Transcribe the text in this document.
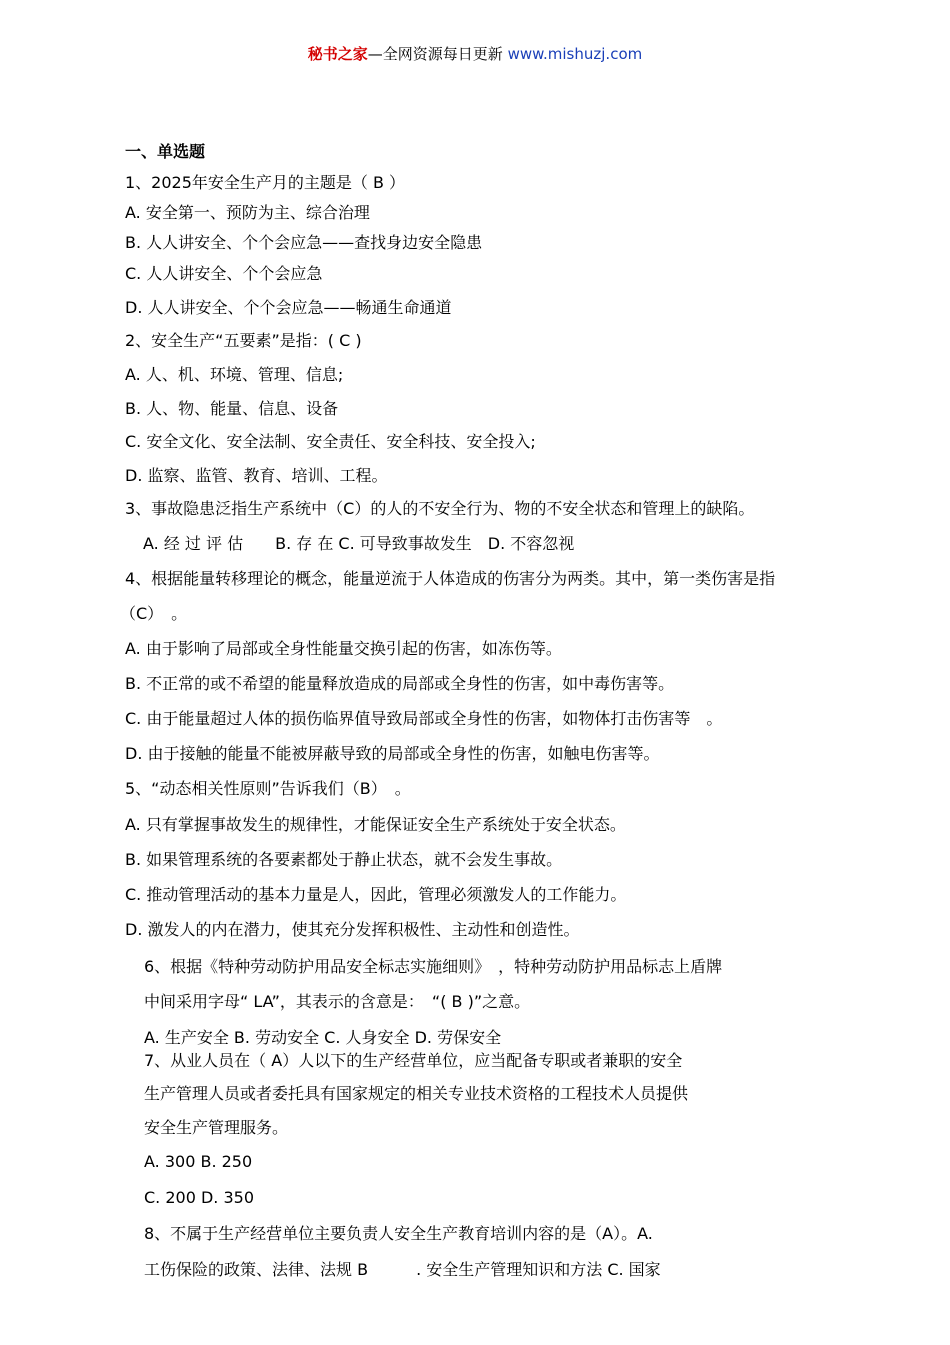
秘书之家—全网资源每日更新 www.mishuzj.com
一、单选题
1、2025年安全生产月的主题是（ B ）
A. 安全第一、预防为主、综合治理
B. 人人讲安全、个个会应急——查找身边安全隐患
C. 人人讲安全、个个会应急
D. 人人讲安全、个个会应急——畅通生命通道
2、安全生产“五要素”是指：( C )
A. 人、机、环境、管理、信息;
B. 人、物、能量、信息、设备
C. 安全文化、安全法制、安全责任、安全科技、安全投入;
D. 监察、监管、教育、培训、工程。
3、事故隐患泛指生产系统中（C）的人的不安全行为、物的不安全状态和管理上的缺陷。
A. 经 过 评 估　　B. 存 在 C. 可导致事故发生　D. 不容忽视
4、根据能量转移理论的概念，能量逆流于人体造成的伤害分为两类。其中，第一类伤害是指
（C）　。
A. 由于影响了局部或全身性能量交换引起的伤害，如冻伤等。
B. 不正常的或不希望的能量释放造成的局部或全身性的伤害，如中毒伤害等。
C. 由于能量超过人体的损伤临界值导致局部或全身性的伤害，如物体打击伤害等　。
D. 由于接触的能量不能被屏蔽导致的局部或全身性的伤害，如触电伤害等。
5、“动态相关性原则”告诉我们（B）　。
A. 只有掌握事故发生的规律性，才能保证安全生产系统处于安全状态。
B. 如果管理系统的各要素都处于静止状态，就不会发生事故。
C. 推动管理活动的基本力量是人，因此，管理必须激发人的工作能力。
D. 激发人的内在潜力，使其充分发挥积极性、主动性和创造性。
6、根据《特种劳动防护用品安全标志实施细则》　，特种劳动防护用品标志上盾牌
中间采用字母“ LA”，其表示的含意是：　“( B )”之意。
A. 生产安全 B. 劳动安全 C. 人身安全 D. 劳保安全
7、从业人员在（ A）人以下的生产经营单位，应当配备专职或者兼职的安全
生产管理人员或者委托具有国家规定的相关专业技术资格的工程技术人员提供
安全生产管理服务。
A. 300 B. 250
C. 200 D. 350
8、不属于生产经营单位主要负责人安全生产教育培训内容的是（A）。A.
工伤保险的政策、法律、法规 B　　　. 安全生产管理知识和方法 C. 国家
